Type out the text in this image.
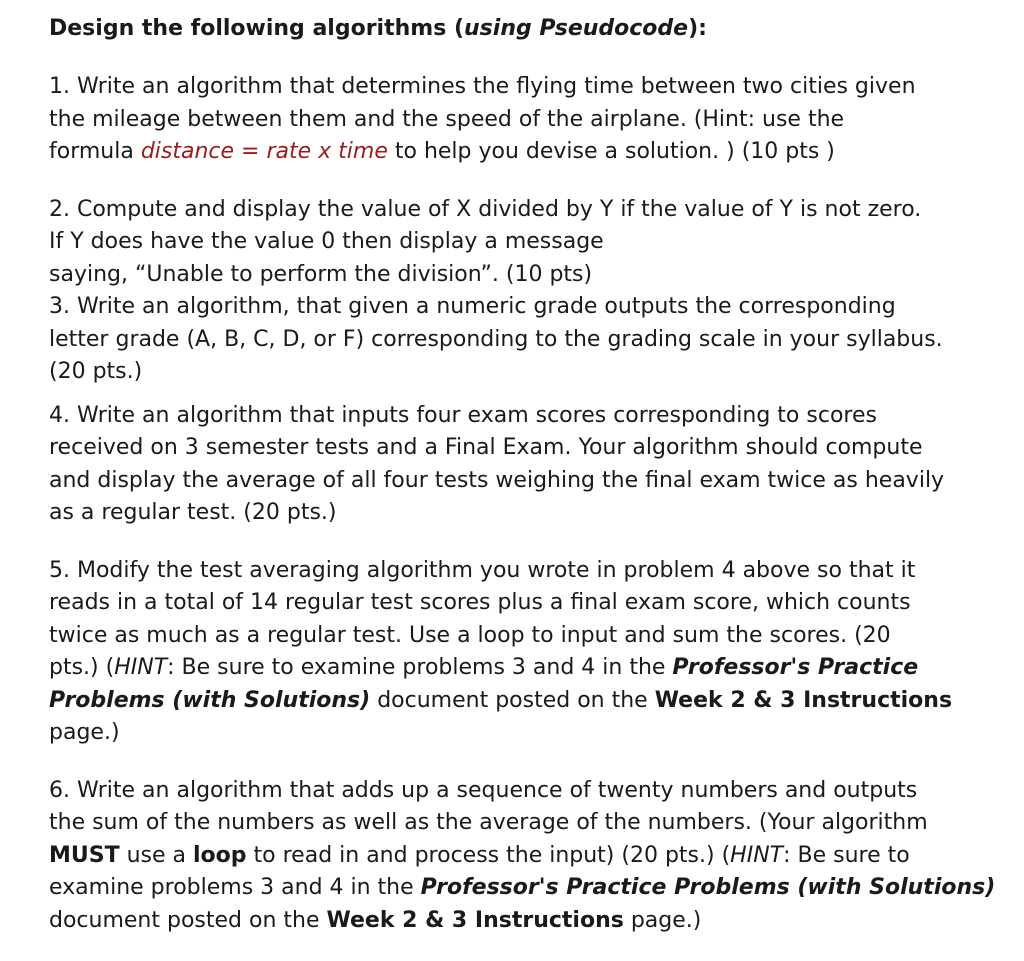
Design the following algorithms (using Pseudocode):

1. Write an algorithm that determines the flying time between two cities given
the mileage between them and the speed of the airplane. (Hint: use the
formula distance = rate x time to help you devise a solution. ) (10 pts )
2. Compute and display the value of X divided by Y if the value of Y is not zero.
If Y does have the value 0 then display a message
saying, “Unable to perform the division”. (10 pts)
3. Write an algorithm, that given a numeric grade outputs the corresponding
letter grade (A, B, C, D, or F) corresponding to the grading scale in your syllabus.
(20 pts.)
4. Write an algorithm that inputs four exam scores corresponding to scores
received on 3 semester tests and a Final Exam. Your algorithm should compute
and display the average of all four tests weighing the final exam twice as heavily
as a regular test. (20 pts.)
5. Modify the test averaging algorithm you wrote in problem 4 above so that it
reads in a total of 14 regular test scores plus a final exam score, which counts
twice as much as a regular test. Use a loop to input and sum the scores. (20
pts.) (HINT: Be sure to examine problems 3 and 4 in the Professor's Practice
Problems (with Solutions) document posted on the Week 2 & 3 Instructions
page.)
6. Write an algorithm that adds up a sequence of twenty numbers and outputs
the sum of the numbers as well as the average of the numbers. (Your algorithm
MUST use a loop to read in and process the input) (20 pts.) (HINT: Be sure to
examine problems 3 and 4 in the Professor's Practice Problems (with Solutions)
document posted on the Week 2 & 3 Instructions page.)
